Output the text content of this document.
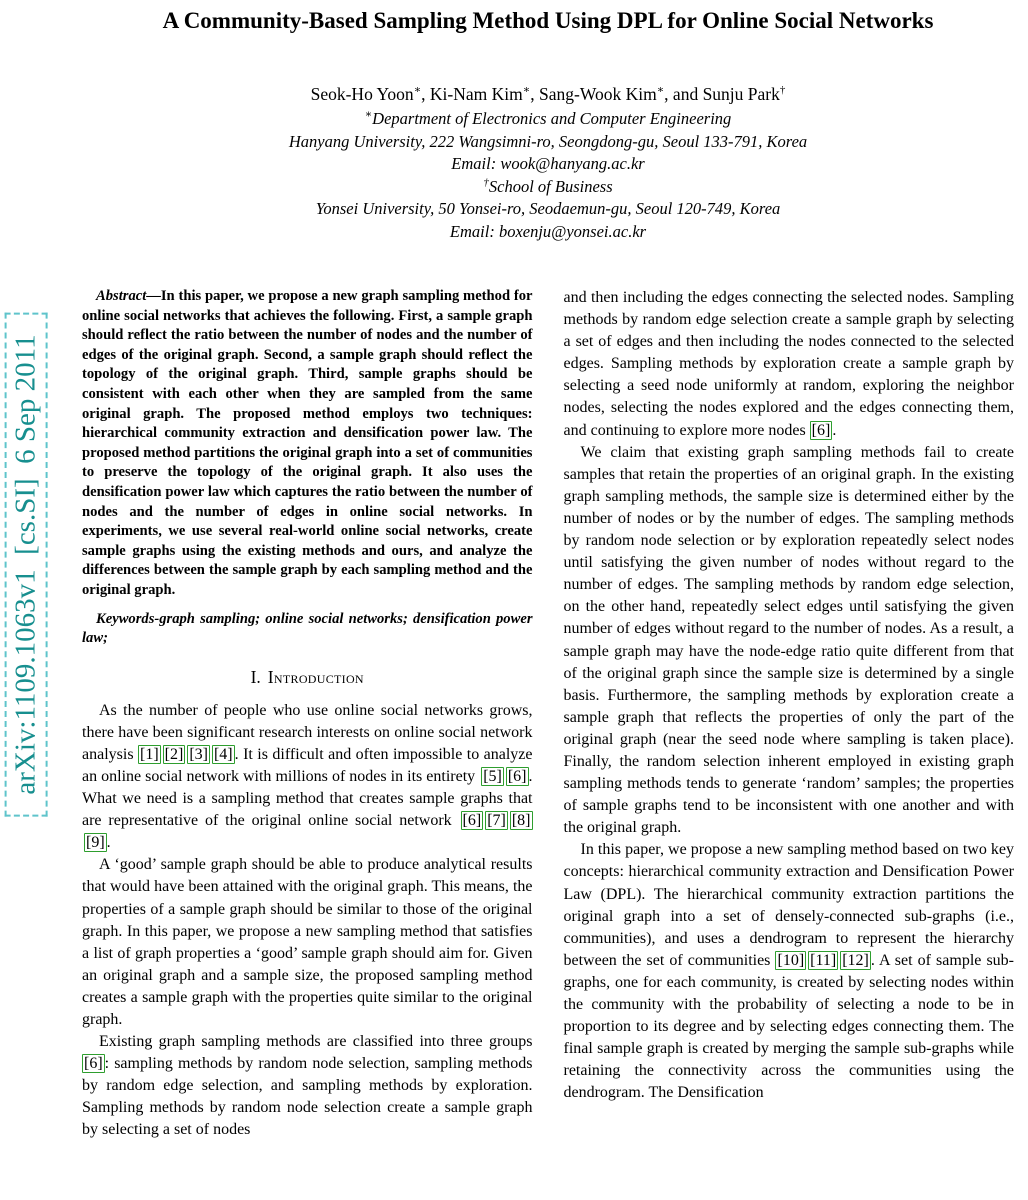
arXiv:1109.1063v1  [cs.SI]  6 Sep 2011
A Community-Based Sampling Method Using DPL for Online Social Networks
Seok-Ho Yoon∗, Ki-Nam Kim∗, Sang-Wook Kim∗, and Sunju Park†
∗Department of Electronics and Computer Engineering
Hanyang University, 222 Wangsimni-ro, Seongdong-gu, Seoul 133-791, Korea
Email: wook@hanyang.ac.kr
†School of Business
Yonsei University, 50 Yonsei-ro, Seodaemun-gu, Seoul 120-749, Korea
Email: boxenju@yonsei.ac.kr

Abstract—In this paper, we propose a new graph sampling method for online social networks that achieves the following. First, a sample graph should reflect the ratio between the number of nodes and the number of edges of the original graph. Second, a sample graph should reflect the topology of the original graph. Third, sample graphs should be consistent with each other when they are sampled from the same original graph. The proposed method employs two techniques: hierarchical community extraction and densification power law. The proposed method partitions the original graph into a set of communities to preserve the topology of the original graph. It also uses the densification power law which captures the ratio between the number of nodes and the number of edges in online social networks. In experiments, we use several real-world online social networks, create sample graphs using the existing methods and ours, and analyze the differences between the sample graph by each sampling method and the original graph.

Keywords-graph sampling; online social networks; densification power law;

I. Introduction

As the number of people who use online social networks grows, there have been significant research interests on online social network analysis [1] [2] [3] [4] . It is difficult and often impossible to analyze an online social network with millions of nodes in its entirety [5] [6] . What we need is a sampling method that creates sample graphs that are representative of the original online social network [6] [7] [8][9] .

A ‘good’ sample graph should be able to produce analytical results that would have been attained with the original graph. This means, the properties of a sample graph should be similar to those of the original graph. In this paper, we propose a new sampling method that satisfies a list of graph properties a ‘good’ sample graph should aim for. Given an original graph and a sample size, the proposed sampling method creates a sample graph with the properties quite similar to the original graph.

Existing graph sampling methods are classified into three groups [6] : sampling methods by random node selection, sampling methods by random edge selection, and sampling methods by exploration. Sampling methods by random node selection create a sample graph by selecting a set of nodes

and then including the edges connecting the selected nodes. Sampling methods by random edge selection create a sample graph by selecting a set of edges and then including the nodes connected to the selected edges. Sampling methods by exploration create a sample graph by selecting a seed node uniformly at random, exploring the neighbor nodes, selecting the nodes explored and the edges connecting them, and continuing to explore more nodes [6] .

We claim that existing graph sampling methods fail to create samples that retain the properties of an original graph. In the existing graph sampling methods, the sample size is determined either by the number of nodes or by the number of edges. The sampling methods by random node selection or by exploration repeatedly select nodes until satisfying the given number of nodes without regard to the number of edges. The sampling methods by random edge selection, on the other hand, repeatedly select edges until satisfying the given number of edges without regard to the number of nodes. As a result, a sample graph may have the node-edge ratio quite different from that of the original graph since the sample size is determined by a single basis. Furthermore, the sampling methods by exploration create a sample graph that reflects the properties of only the part of the original graph (near the seed node where sampling is taken place). Finally, the random selection inherent employed in existing graph sampling methods tends to generate ‘random’ samples; the properties of sample graphs tend to be inconsistent with one another and with the original graph.

In this paper, we propose a new sampling method based on two key concepts: hierarchical community extraction and Densification Power Law (DPL). The hierarchical community extraction partitions the original graph into a set of densely-connected sub-graphs (i.e., communities), and uses a dendrogram to represent the hierarchy between the set of communities [10] [11] [12] . A set of sample sub-graphs, one for each community, is created by selecting nodes within the community with the probability of selecting a node to be in proportion to its degree and by selecting edges connecting them. The final sample graph is created by merging the sample sub-graphs while retaining the connectivity across the communities using the dendrogram. The Densification
